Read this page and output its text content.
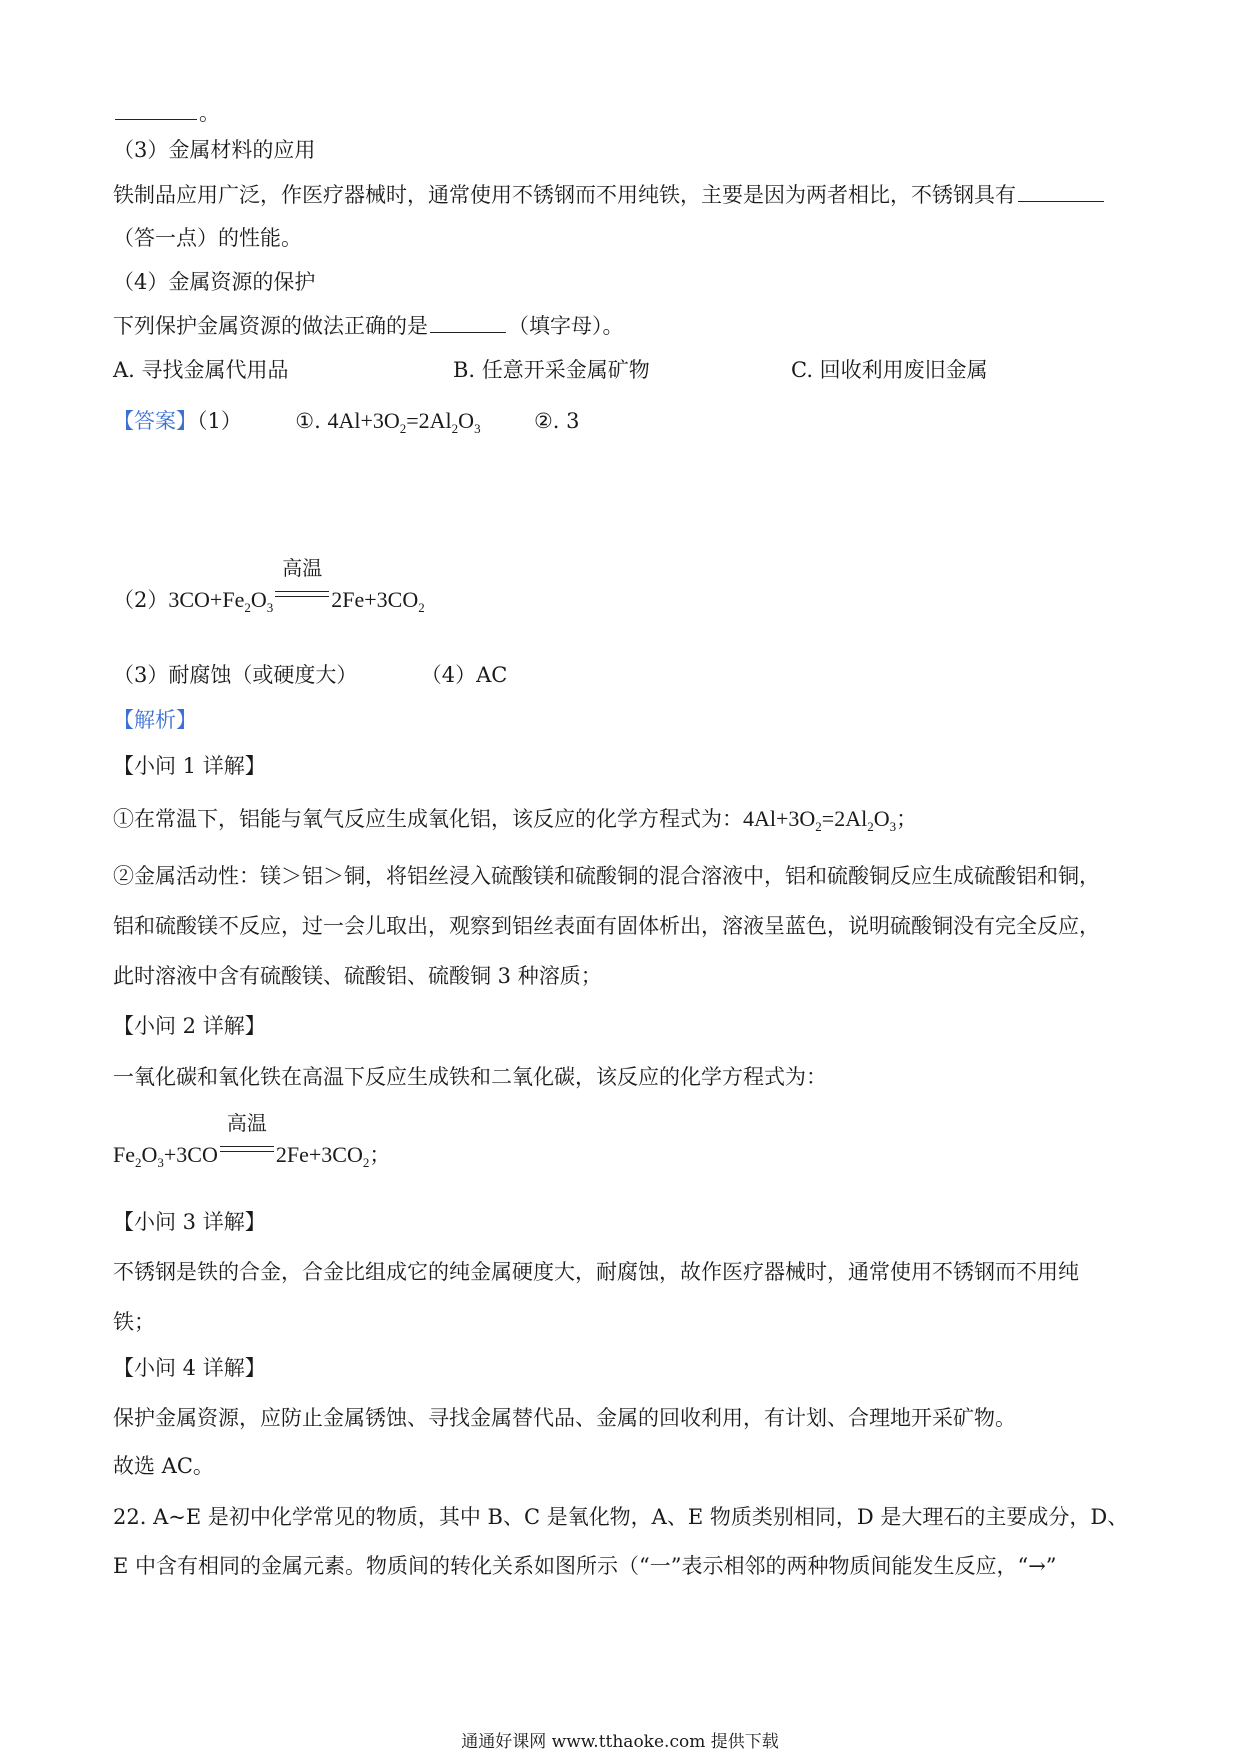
。
（3）金属材料的应用
铁制品应用广泛，作医疗器械时，通常使用不锈钢而不用纯铁，主要是因为两者相比，不锈钢具有
（答一点）的性能。
（4）金属资源的保护
下列保护金属资源的做法正确的是	（填字母）。
A. 寻找金属代用品	B. 任意开采金属矿物	C. 回收利用废旧金属
【答案】（1）	①. $4Al+3O_2=2Al_2O_3$	②. 3
$(2)3CO+Fe_2O_3$
高温
$2Fe+3CO_2$
（3）耐腐蚀（或硬度大）	（4）AC
【解析】
【小问 1 详解】
①在常温下，铝能与氧气反应生成氧化铝，该反应的化学方程式为：$4Al+3O_2=2Al_2O_3$；
②金属活动性：镁＞铝＞铜，将铝丝浸入硫酸镁和硫酸铜的混合溶液中，铝和硫酸铜反应生成硫酸铝和铜，
铝和硫酸镁不反应，过一会儿取出，观察到铝丝表面有固体析出，溶液呈蓝色，说明硫酸铜没有完全反应，
此时溶液中含有硫酸镁、硫酸铝、硫酸铜 3 种溶质；
【小问 2 详解】
一氧化碳和氧化铁在高温下反应生成铁和二氧化碳，该反应的化学方程式为：
$Fe_2O_3+3CO$
高温
$2Fe+3CO_2$；
【小问 3 详解】
不锈钢是铁的合金，合金比组成它的纯金属硬度大，耐腐蚀，故作医疗器械时，通常使用不锈钢而不用纯
铁；
【小问 4 详解】
保护金属资源，应防止金属锈蚀、寻找金属替代品、金属的回收利用，有计划、合理地开采矿物。
故选 AC。
22. A~E 是初中化学常见的物质，其中 B、C 是氧化物，A、E 物质类别相同，D 是大理石的主要成分，D、
E 中含有相同的金属元素。物质间的转化关系如图所示（“一”表示相邻的两种物质间能发生反应，“→”
通通好课网 www.tthaoke.com 提供下载
